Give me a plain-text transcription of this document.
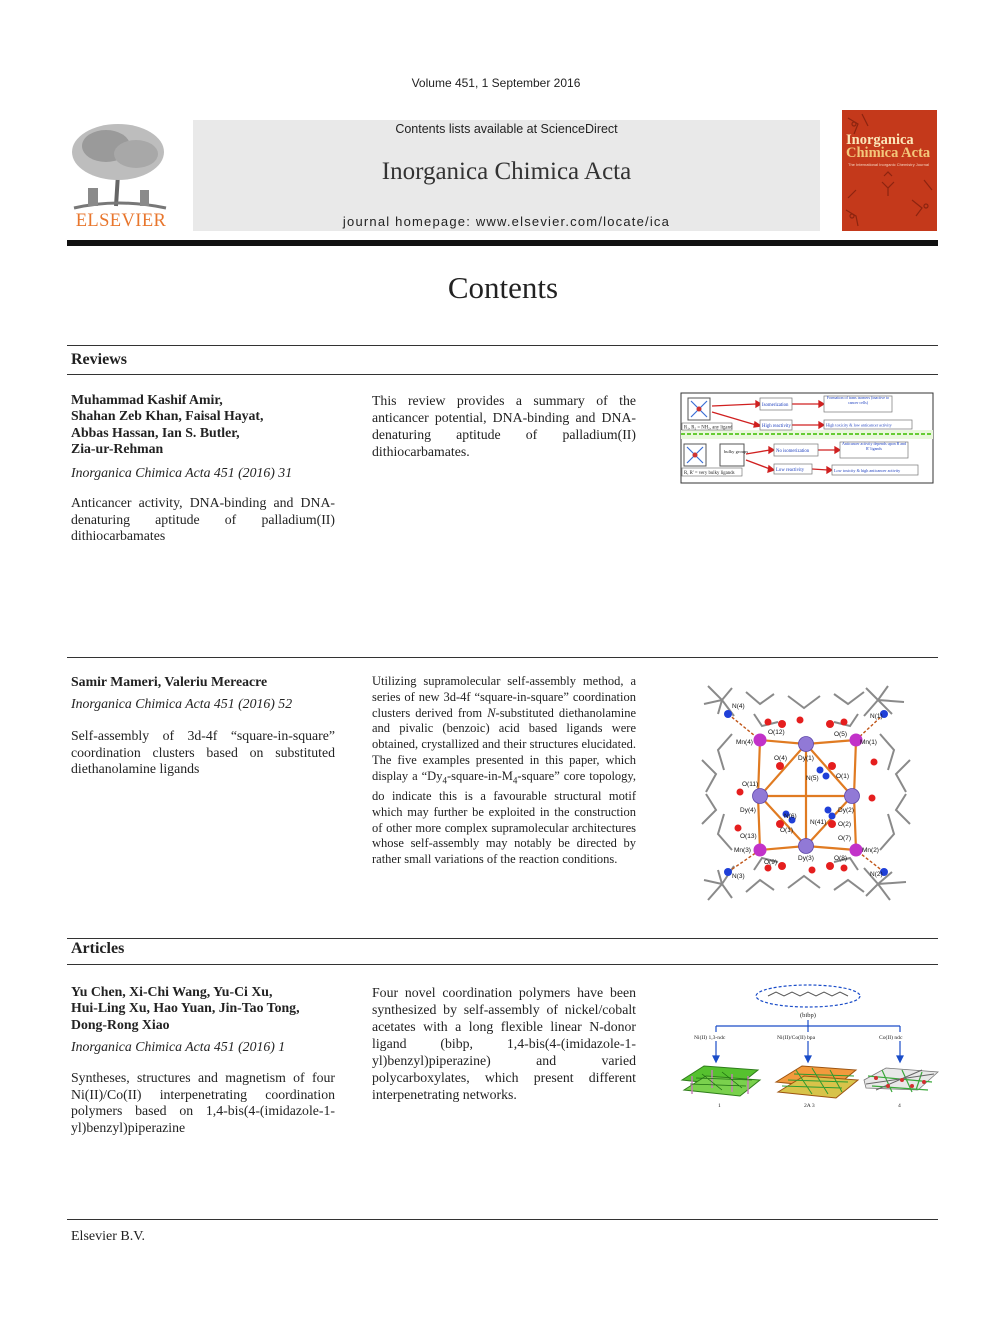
Volume 451, 1 September 2016
ELSEVIER
Contents lists available at ScienceDirect
Inorganica Chimica Acta
journal homepage: www.elsevier.com/locate/ica
Inorganica
Chimica Acta
The International Inorganic Chemistry Journal
Contents
Reviews
Muhammad Kashif Amir,
Shahan Zeb Khan, Faisal Hayat,
Abbas Hassan, Ian S. Butler,
Zia-ur-Rehman
Inorganica Chimica Acta 451 (2016) 31
Anticancer activity, DNA-binding and DNA-denaturing aptitude of palladium(II) dithiocarbamates
This review provides a summary of the anticancer potential, DNA-binding and DNA-denaturing aptitude of palladium(II) dithiocarbamates.
R₁, R₂ = NH₂, any ligand
bulky groups
R, R' = very bulky ligands
Isomerization
High reactivity
No isomerization
Low reactivity
Formation of trans isomers (inactive to cancer cells)
High toxicity & low anticancer activity
Anticancer activity depends upon R and R' ligands
Low toxicity & high anticancer activity
Samir Mameri, Valeriu Mereacre
Inorganica Chimica Acta 451 (2016) 52
Self-assembly of 3d-4f “square-in-square” coordination clusters based on substituted diethanolamine ligands
Utilizing supramolecular self-assembly method, a series of new 3d-4f “square-in-square” coordination clusters derived from N-substituted diethanolamine and pivalic (benzoic) acid based ligands were obtained, crystallized and their structures elucidated. The five examples presented in this paper, which display a “$Dy_4-square-in-M_4$-square” core topology, do indicate this is a favourable structural motif which may further be exploited in the construction of other more complex supramolecular architectures whose self-assembly may notably be directed by rather small variations of the reaction conditions.
N(4)
N(1)
Mn(4)	Mn(1)
Mn(3)	Mn(2)
N(3)	N(2)
Dy(1)
Dy(2)
Dy(3)
Dy(4)
O(1)
O(2)
O(4)
O(5)
O(7)
O(8)
O(9)
O(11)
O(12)
O(13)
N(5)
N(6)
N(41)
O(1)
Articles
Yu Chen, Xi-Chi Wang, Yu-Ci Xu,
Hui-Ling Xu, Hao Yuan, Jin-Tao Tong,
Dong-Rong Xiao
Inorganica Chimica Acta 451 (2016) 1
Syntheses, structures and magnetism of four Ni(II)/Co(II) interpenetrating coordination polymers based on 1,4-bis(4-(imidazole-1-yl)benzyl)piperazine
Four novel coordination polymers have been synthesized by self-assembly of nickel/cobalt acetates with a long flexible linear N-donor ligand (bibp, 1,4-bis(4-(imidazole-1-yl)benzyl)piperazine) and varied polycarboxylates, which present different interpenetrating networks.
(bibp)
Ni(II) 1,3-ndc	Ni(II)/Co(II) bpa	Co(II) ndc
1	2A 3	4
Elsevier B.V.
